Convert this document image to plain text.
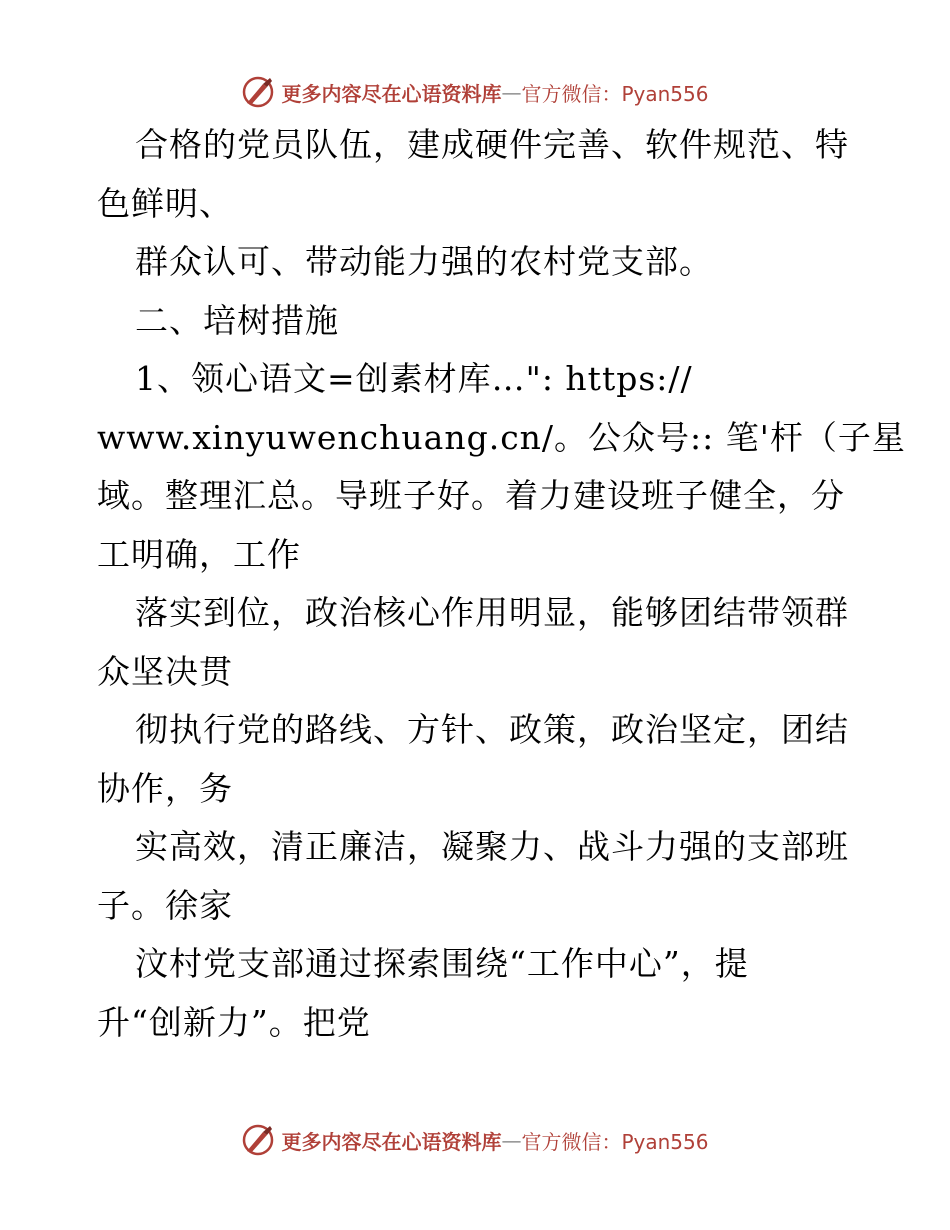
更多内容尽在心语资料库 — 官方微信：Pyan556
合格的党员队伍，建成硬件完善、软件规范、特
色鲜明、
群众认可、带动能力强的农村党支部。
二、培树措施
1、领心语文=创素材库…": https://
www.xinyuwenchuang.cn/。公众号:: 笔'杆（子星
域。整理汇总。导班子好。着力建设班子健全，分
工明确，工作
落实到位，政治核心作用明显，能够团结带领群
众坚决贯
彻执行党的路线、方针、政策，政治坚定，团结
协作，务
实高效，清正廉洁，凝聚力、战斗力强的支部班
子。徐家
汶村党支部通过探索围绕“工作中心”，提
升“创新力”。把党
更多内容尽在心语资料库 — 官方微信：Pyan556
